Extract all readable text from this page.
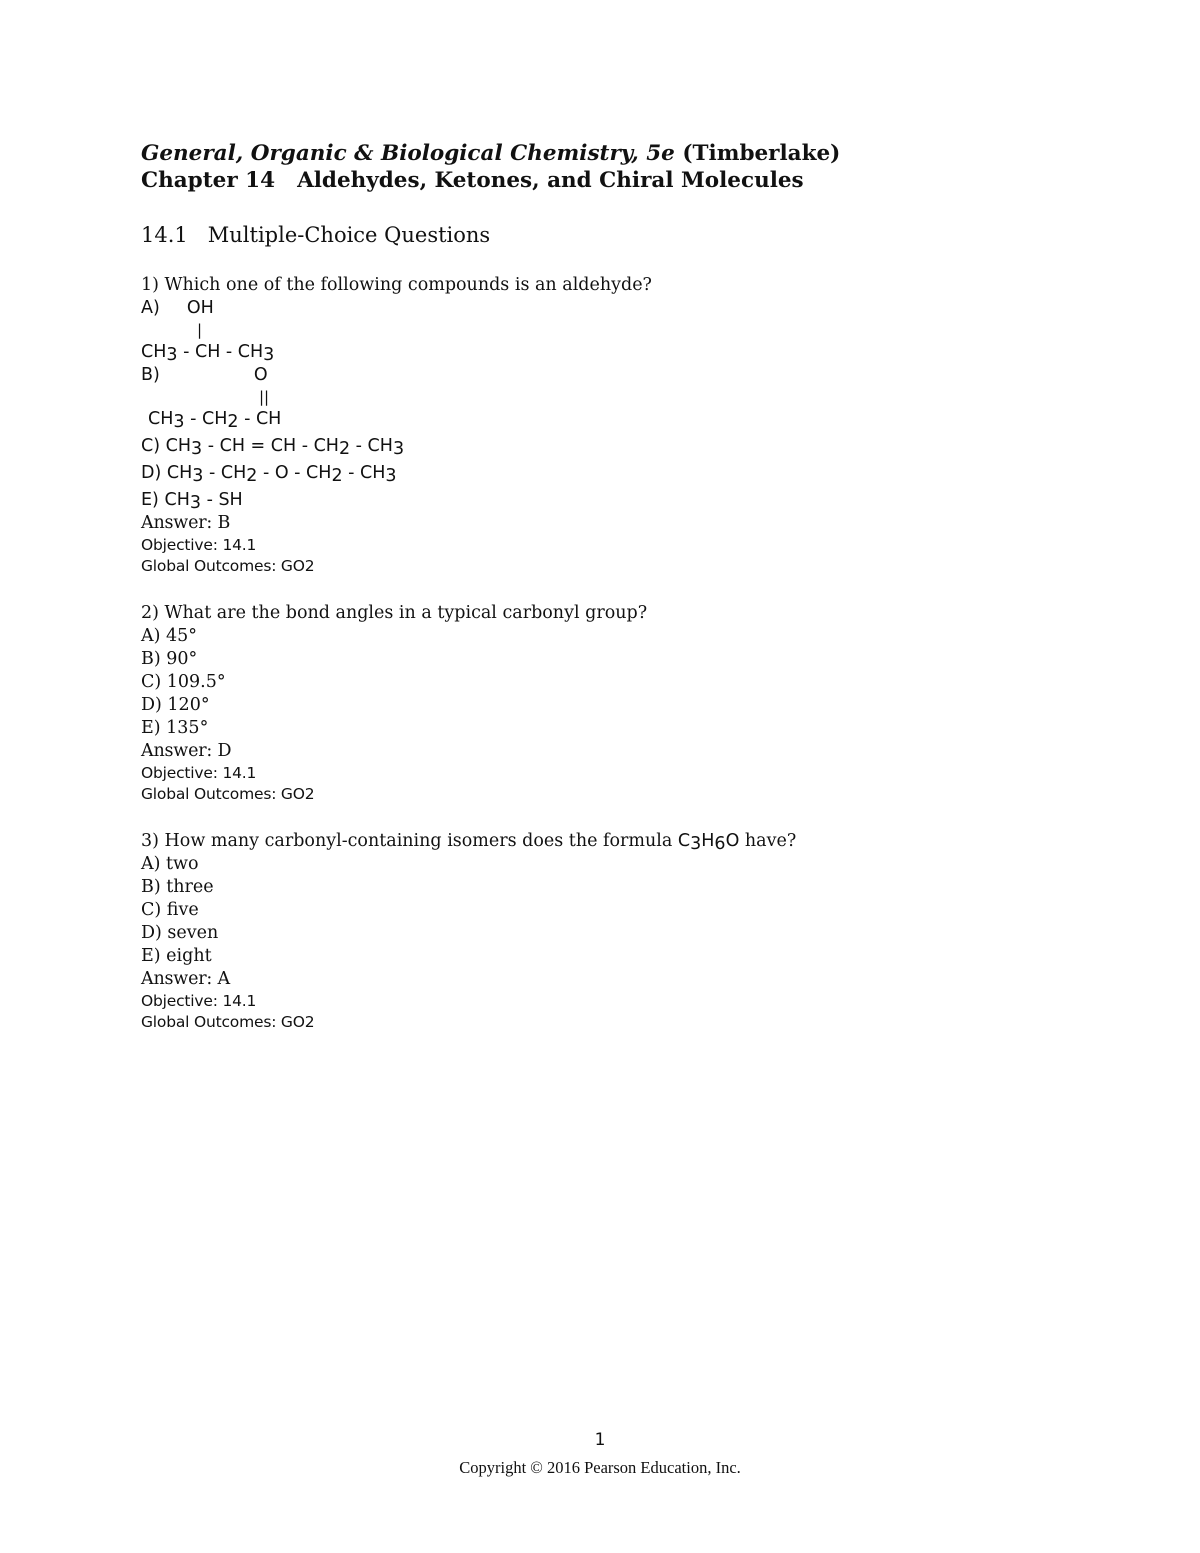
General, Organic & Biological Chemistry, 5e (Timberlake)
Chapter 14 Aldehydes, Ketones, and Chiral Molecules
14.1 Multiple-Choice Questions
1) Which one of the following compounds is an aldehyde?
A) OH
|
CH3 - CH - CH3
B)	O
||
CH3 - CH2 - CH
C) CH3 - CH = CH - CH2 - CH3
D) CH3 - CH2 - O - CH2 - CH3
E) CH3 - SH
Answer: B
Objective: 14.1
Global Outcomes: GO2
2) What are the bond angles in a typical carbonyl group?
A) 45°
B) 90°
C) 109.5°
D) 120°
E) 135°
Answer: D
Objective: 14.1
Global Outcomes: GO2
3) How many carbonyl-containing isomers does the formula C3H6O have?
A) two
B) three
C) five
D) seven
E) eight
Answer: A
Objective: 14.1
Global Outcomes: GO2
1
Copyright © 2016 Pearson Education, Inc.
